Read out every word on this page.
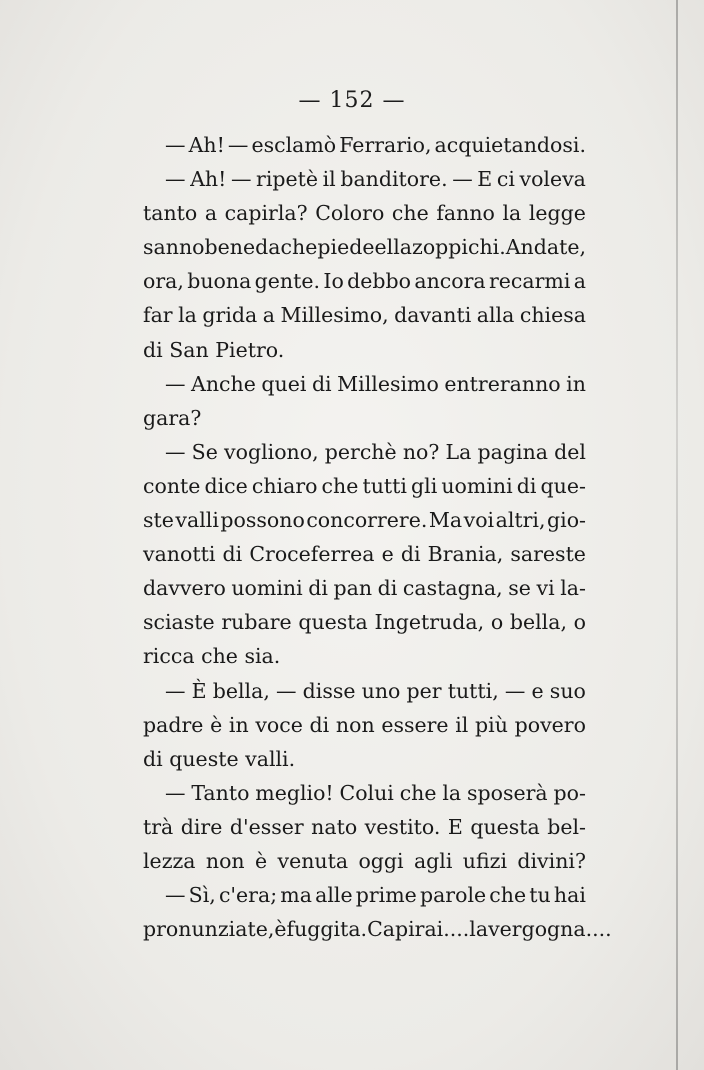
— 152 —
— Ah! — esclamò Ferrario, acquietandosi.
— Ah! — ripetè il banditore. — E ci voleva
tanto a capirla? Coloro che fanno la legge
sanno bene da che piede ella zoppichi. Andate,
ora, buona gente. Io debbo ancora recarmi a
far la grida a Millesimo, davanti alla chiesa
di San Pietro.
— Anche quei di Millesimo entreranno in
gara?
— Se vogliono, perchè no? La pagina del
conte dice chiaro che tutti gli uomini di que-
ste valli possono concorrere. Ma voi altri, gio-
vanotti di Croceferrea e di Brania, sareste
davvero uomini di pan di castagna, se vi la-
sciaste rubare questa Ingetruda, o bella, o
ricca che sia.
— È bella, — disse uno per tutti, — e suo
padre è in voce di non essere il più povero
di queste valli.
— Tanto meglio! Colui che la sposerà po-
trà dire d'esser nato vestito. E questa bel-
lezza non è venuta oggi agli ufizi divini?
— Sì, c'era; ma alle prime parole che tu hai
pronunziate, è fuggita. Capirai.... la vergogna....
